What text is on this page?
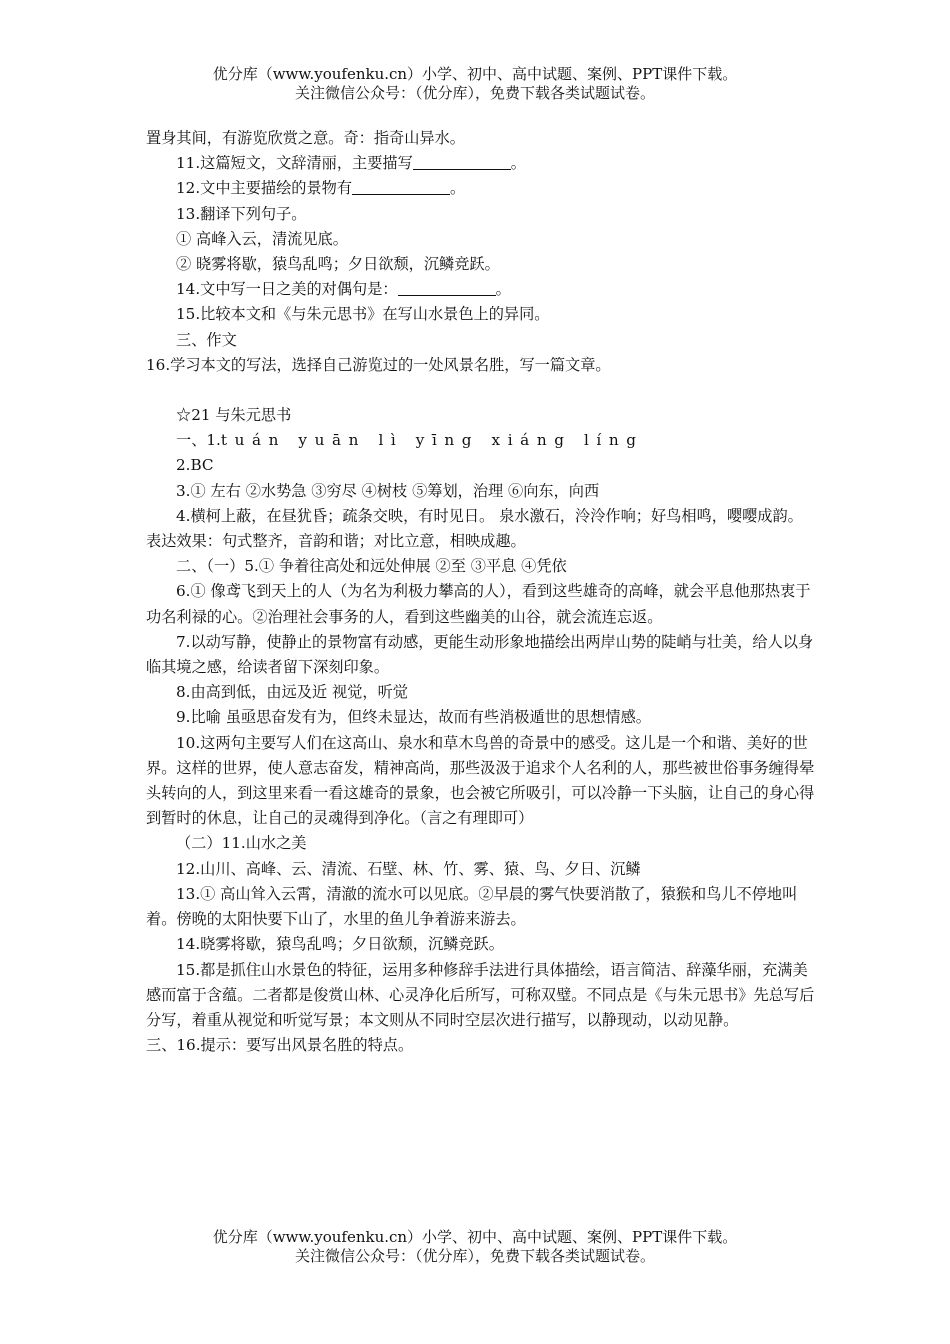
优分库（www.youfenku.cn）小学、初中、高中试题、案例、PPT课件下载。
关注微信公众号：（优分库），免费下载各类试题试卷。

置身其间，有游览欣赏之意。奇：指奇山异水。

11.这篇短文，文辞清丽，主要描写	。

12.文中主要描绘的景物有	。

13.翻译下列句子。

① 高峰入云，清流见底。

② 晓雾将歇，猿鸟乱鸣；夕日欲颓，沉鳞竞跃。

14.文中写一日之美的对偶句是：	。

15.比较本文和《与朱元思书》在写山水景色上的异同。

三、作文

16.学习本文的写法，选择自己游览过的一处风景名胜，写一篇文章。

☆21 与朱元思书

一、1.tuán yuān lì yīng xiáng líng

2.BC

3.① 左右 ②水势急 ③穷尽 ④树枝 ⑤筹划，治理 ⑥向东，向西

4.横柯上蔽，在昼犹昏；疏条交映，有时见日。 泉水激石，泠泠作响；好鸟相鸣，嘤嘤成韵。 表达效果：句式整齐，音韵和谐；对比立意，相映成趣。

二、（一）5.① 争着往高处和远处伸展 ②至 ③平息 ④凭依

6.① 像鸢飞到天上的人（为名为利极力攀高的人），看到这些雄奇的高峰，就会平息他那热衷于功名利禄的心。②治理社会事务的人，看到这些幽美的山谷，就会流连忘返。

7.以动写静，使静止的景物富有动感，更能生动形象地描绘出两岸山势的陡峭与壮美，给人以身临其境之感，给读者留下深刻印象。

8.由高到低，由远及近 视觉，听觉

9.比喻 虽亟思奋发有为，但终未显达，故而有些消极遁世的思想情感。

10.这两句主要写人们在这高山、泉水和草木鸟兽的奇景中的感受。这儿是一个和谐、美好的世界。这样的世界，使人意志奋发，精神高尚，那些汲汲于追求个人名利的人，那些被世俗事务缠得晕头转向的人，到这里来看一看这雄奇的景象，也会被它所吸引，可以冷静一下头脑，让自己的身心得到暂时的休息，让自己的灵魂得到净化。（言之有理即可）

（二）11.山水之美

12.山川、高峰、云、清流、石壁、林、竹、雾、猿、鸟、夕日、沉鳞

13.① 高山耸入云霄，清澈的流水可以见底。②早晨的雾气快要消散了，猿猴和鸟儿不停地叫着。傍晚的太阳快要下山了，水里的鱼儿争着游来游去。

14.晓雾将歇，猿鸟乱鸣；夕日欲颓，沉鳞竞跃。

15.都是抓住山水景色的特征，运用多种修辞手法进行具体描绘，语言简洁、辞藻华丽，充满美感而富于含蕴。二者都是俊赏山林、心灵净化后所写，可称双璧。不同点是《与朱元思书》先总写后分写，着重从视觉和听觉写景；本文则从不同时空层次进行描写，以静现动，以动见静。

三、16.提示：要写出风景名胜的特点。

优分库（www.youfenku.cn）小学、初中、高中试题、案例、PPT课件下载。
关注微信公众号：（优分库），免费下载各类试题试卷。
